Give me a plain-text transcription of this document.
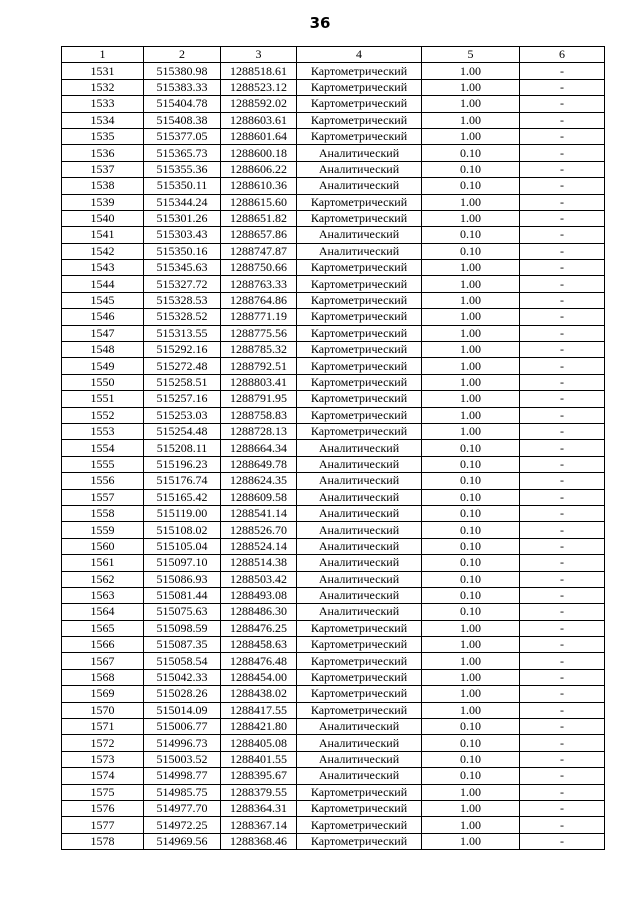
36
1	2	3	4	5	6
1531	515380.98	1288518.61	Картометрический	1.00	-
1532	515383.33	1288523.12	Картометрический	1.00	-
1533	515404.78	1288592.02	Картометрический	1.00	-
1534	515408.38	1288603.61	Картометрический	1.00	-
1535	515377.05	1288601.64	Картометрический	1.00	-
1536	515365.73	1288600.18	Аналитический	0.10	-
1537	515355.36	1288606.22	Аналитический	0.10	-
1538	515350.11	1288610.36	Аналитический	0.10	-
1539	515344.24	1288615.60	Картометрический	1.00	-
1540	515301.26	1288651.82	Картометрический	1.00	-
1541	515303.43	1288657.86	Аналитический	0.10	-
1542	515350.16	1288747.87	Аналитический	0.10	-
1543	515345.63	1288750.66	Картометрический	1.00	-
1544	515327.72	1288763.33	Картометрический	1.00	-
1545	515328.53	1288764.86	Картометрический	1.00	-
1546	515328.52	1288771.19	Картометрический	1.00	-
1547	515313.55	1288775.56	Картометрический	1.00	-
1548	515292.16	1288785.32	Картометрический	1.00	-
1549	515272.48	1288792.51	Картометрический	1.00	-
1550	515258.51	1288803.41	Картометрический	1.00	-
1551	515257.16	1288791.95	Картометрический	1.00	-
1552	515253.03	1288758.83	Картометрический	1.00	-
1553	515254.48	1288728.13	Картометрический	1.00	-
1554	515208.11	1288664.34	Аналитический	0.10	-
1555	515196.23	1288649.78	Аналитический	0.10	-
1556	515176.74	1288624.35	Аналитический	0.10	-
1557	515165.42	1288609.58	Аналитический	0.10	-
1558	515119.00	1288541.14	Аналитический	0.10	-
1559	515108.02	1288526.70	Аналитический	0.10	-
1560	515105.04	1288524.14	Аналитический	0.10	-
1561	515097.10	1288514.38	Аналитический	0.10	-
1562	515086.93	1288503.42	Аналитический	0.10	-
1563	515081.44	1288493.08	Аналитический	0.10	-
1564	515075.63	1288486.30	Аналитический	0.10	-
1565	515098.59	1288476.25	Картометрический	1.00	-
1566	515087.35	1288458.63	Картометрический	1.00	-
1567	515058.54	1288476.48	Картометрический	1.00	-
1568	515042.33	1288454.00	Картометрический	1.00	-
1569	515028.26	1288438.02	Картометрический	1.00	-
1570	515014.09	1288417.55	Картометрический	1.00	-
1571	515006.77	1288421.80	Аналитический	0.10	-
1572	514996.73	1288405.08	Аналитический	0.10	-
1573	515003.52	1288401.55	Аналитический	0.10	-
1574	514998.77	1288395.67	Аналитический	0.10	-
1575	514985.75	1288379.55	Картометрический	1.00	-
1576	514977.70	1288364.31	Картометрический	1.00	-
1577	514972.25	1288367.14	Картометрический	1.00	-
1578	514969.56	1288368.46	Картометрический	1.00	-
